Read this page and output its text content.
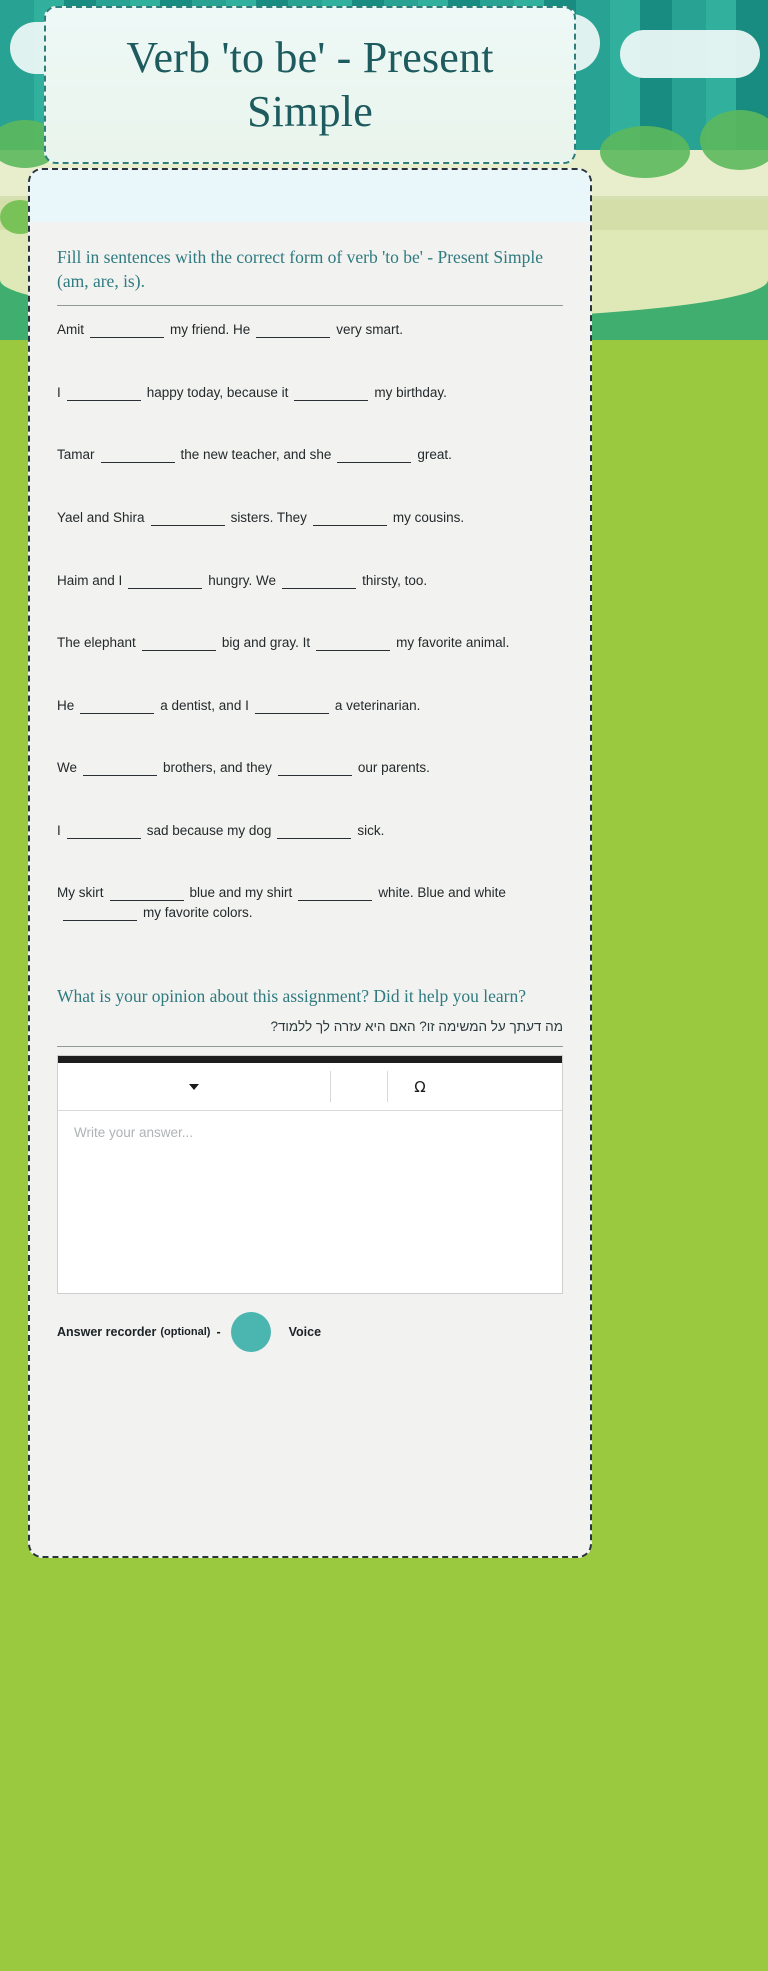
Verb 'to be' - Present Simple
Fill in sentences with the correct form of verb 'to be' - Present Simple (am, are, is).
Amit	my friend. He	very smart.
I	happy today, because it	my birthday.
Tamar	the new teacher, and she	great.
Yael and Shira	sisters. They	my cousins.
Haim and I	hungry. We	thirsty, too.
The elephant	big and gray. It	my favorite animal.
He	a dentist, and I	a veterinarian.
We	brothers, and they	our parents.
I	sad because my dog	sick.
My skirt	blue and my shirt	white. Blue and whitemy favorite colors.
What is your opinion about this assignment? Did it help you learn?
מה דעתך על המשימה זו? האם היא עזרה לך ללמוד?
Ω
Write your answer...
Answer recorder (optional) -	Voice
